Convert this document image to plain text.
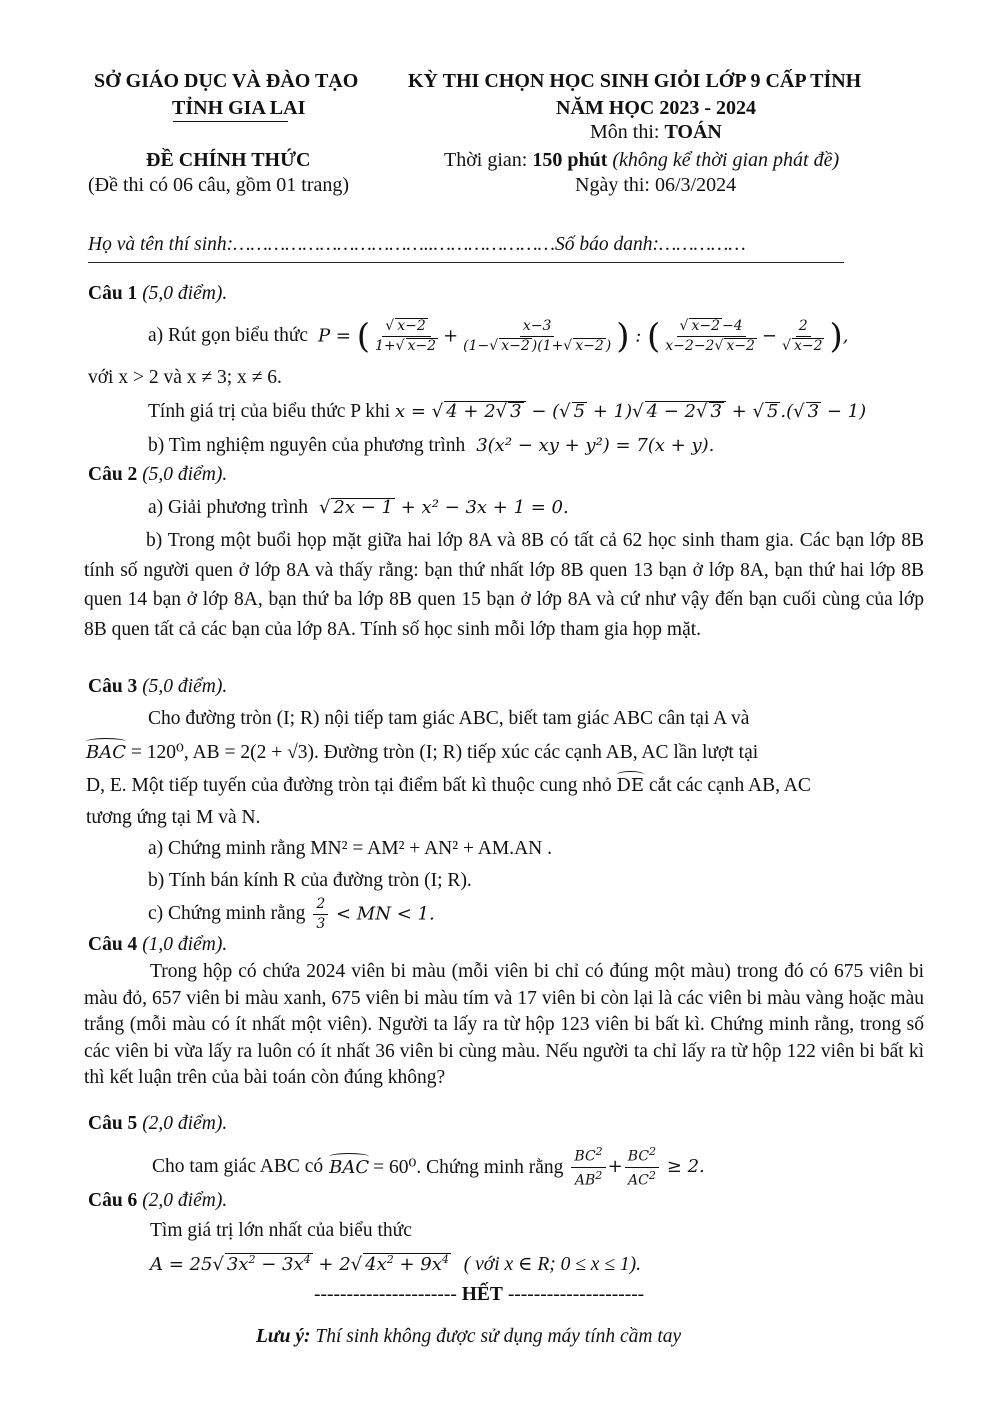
SỞ GIÁO DỤC VÀ ĐÀO TẠO
TỈNH GIA LAI
KỲ THI CHỌN HỌC SINH GIỎI LỚP 9 CẤP TỈNH
NĂM HỌC 2023 - 2024
Môn thi: TOÁN
ĐỀ CHÍNH THỨC
(Đề thi có 06 câu, gồm 01 trang)
Thời gian: 150 phút (không kể thời gian phát đề)
Ngày thi: 06/3/2024
Họ và tên thí sinh:……………………………..…………………Số báo danh:……………
Câu 1 (5,0 điểm).
a) Rút gọn biểu thức P = (
√ $\frac{x-2}{1+√ x-2} + \frac{x-3}{(1-√ x-2 )(1+√ x-2 )}$ ) : (
√ $\frac{x-2 -4}{x-2-2√ x-2} - 2$
√ x−2 ),
với x > 2 và x ≠ 3; x ≠ 6.
Tính giá trị của biểu thức P khi x = √ 4 + 2√ 3 − (√ 5 + 1)√ 4 − 2√ 3 + √ 5 .(√ 3 − 1)
b) Tìm nghiệm nguyên của phương trình 3(x² − xy + y²) = 7(x + y).
Câu 2 (5,0 điểm).
a) Giải phương trình √ 2x − 1 + x² − 3x + 1 = 0.
b) Trong một buổi họp mặt giữa hai lớp 8A và 8B có tất cả 62 học sinh tham gia. Các bạn lớp 8B tính số người quen ở lớp 8A và thấy rằng: bạn thứ nhất lớp 8B quen 13 bạn ở lớp 8A, bạn thứ hai lớp 8B quen 14 bạn ở lớp 8A, bạn thứ ba lớp 8B quen 15 bạn ở lớp 8A và cứ như vậy đến bạn cuối cùng của lớp 8B quen tất cả các bạn của lớp 8A. Tính số học sinh mỗi lớp tham gia họp mặt.
Câu 3 (5,0 điểm).
Cho đường tròn (I; R) nội tiếp tam giác ABC, biết tam giác ABC cân tại A và
BAC = 120⁰, AB = 2(2 + √3). Đường tròn (I; R) tiếp xúc các cạnh AB, AC lần lượt tại
D, E. Một tiếp tuyến của đường tròn tại điểm bất kì thuộc cung nhỏ DE cắt các cạnh AB, AC
tương ứng tại M và N.
a) Chứng minh rằng MN² = AM² + AN² + AM.AN .
b) Tính bán kính R của đường tròn (I; R).
c) Chứng minh rằng $\frac{2}{3}$ < MN < 1.
Câu 4 (1,0 điểm).
Trong hộp có chứa 2024 viên bi màu (mỗi viên bi chỉ có đúng một màu) trong đó có 675 viên bi màu đỏ, 657 viên bi màu xanh, 675 viên bi màu tím và 17 viên bi còn lại là các viên bi màu vàng hoặc màu trắng (mỗi màu có ít nhất một viên). Người ta lấy ra từ hộp 123 viên bi bất kì. Chứng minh rằng, trong số các viên bi vừa lấy ra luôn có ít nhất 36 viên bi cùng màu. Nếu người ta chỉ lấy ra từ hộp 122 viên bi bất kì thì kết luận trên của bài toán còn đúng không?
Câu 5 (2,0 điểm).
Cho tam giác ABC có BAC = 60⁰. Chứng minh rằng $\frac{BC^2}{AB^2} + \frac{BC^2}{AC^2} \ge 2$.
Câu 6 (2,0 điểm).
Tìm giá trị lớn nhất của biểu thức
A = 25√ $3x^2 - 3x^4 + 2√$ $4x^2 + 9x^4$ ( với x ∈ R; 0 ≤ x ≤ 1).
---------------------- HẾT ---------------------
Lưu ý: Thí sinh không được sử dụng máy tính cầm tay
